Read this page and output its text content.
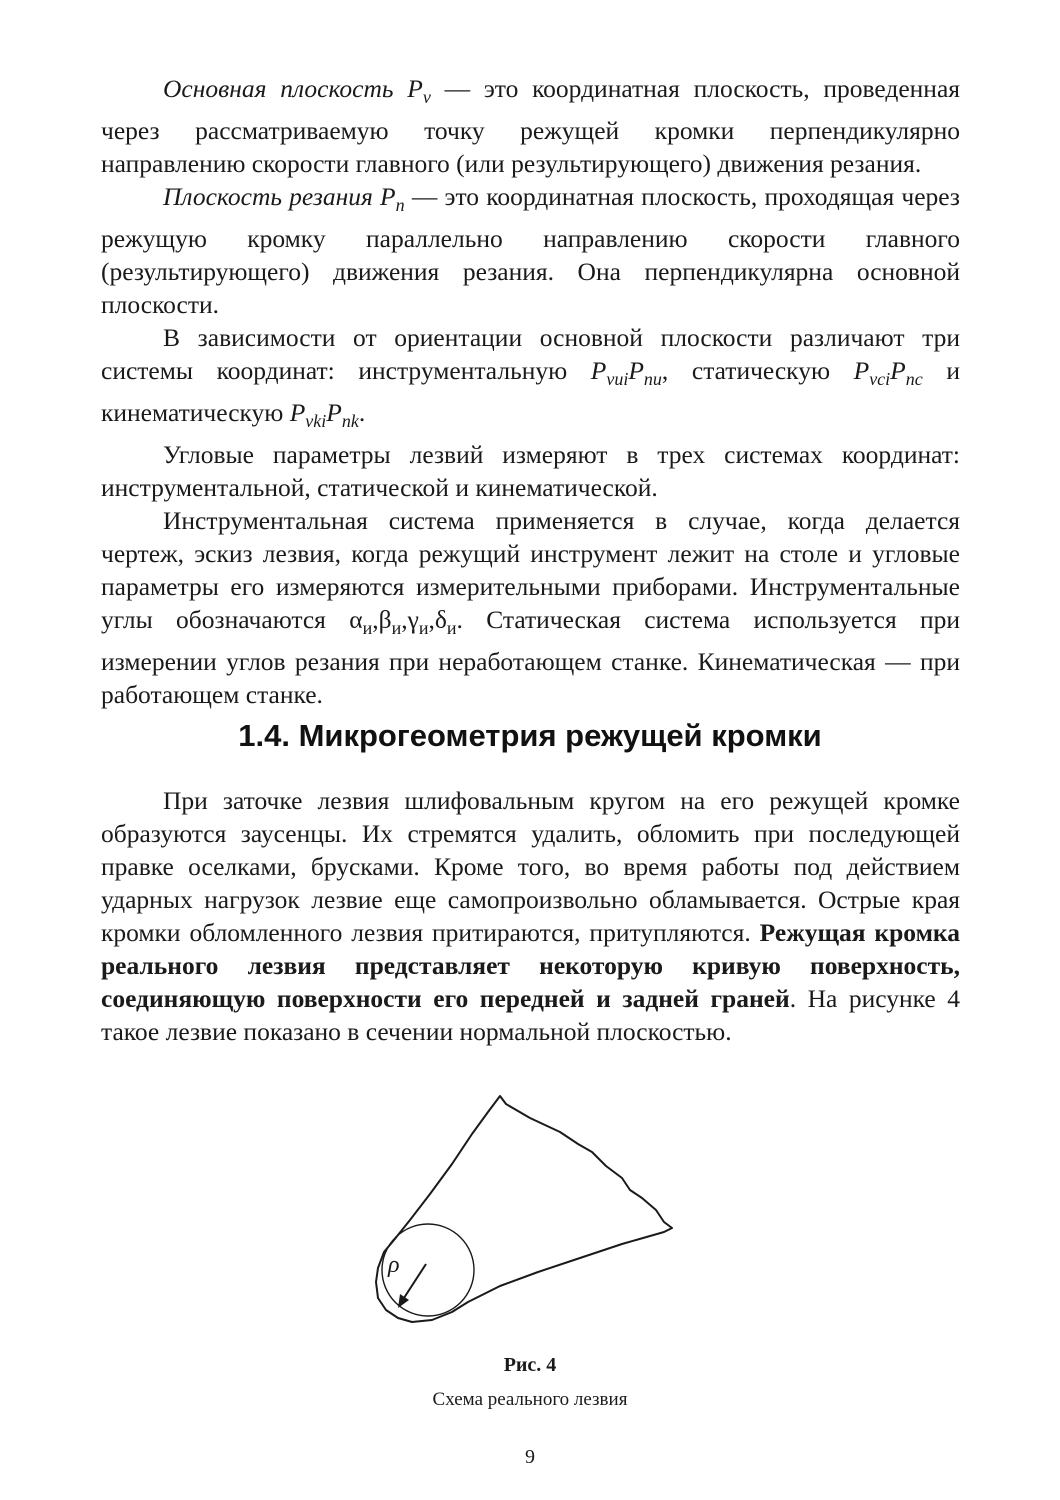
Основная плоскость $P_v$ — это координатная плоскость, проведенная через рассматриваемую точку режущей кромки перпендикулярно направлению скорости главного (или результирующего) движения резания.

Плоскость резания $P_n$ — это координатная плоскость, проходящая через режущую кромку параллельно направлению скорости главного (результирующего) движения резания. Она перпендикулярна основной плоскости.

В зависимости от ориентации основной плоскости различают три системы координат: инструментальную $P_{vui}P_{nu}$, статическую $P_{vci}P_{nc}$ и кинематическую $P_{vki}P_{nk}$.

Угловые параметры лезвий измеряют в трех системах координат: инструментальной, статической и кинематической.

Инструментальная система применяется в случае, когда делается чертеж, эскиз лезвия, когда режущий инструмент лежит на столе и угловые параметры его измеряются измерительными приборами. Инструментальные углы обозначаются $\alpha_и,\beta_и,\gamma_и,\delta_и$. Статическая система используется при измерении углов резания при неработающем станке. Кинематическая — при работающем станке.

1.4. Микрогеометрия режущей кромки

При заточке лезвия шлифовальным кругом на его режущей кромке образуются заусенцы. Их стремятся удалить, обломить при последующей правке оселками, брусками. Кроме того, во время работы под действием ударных нагрузок лезвие еще самопроизвольно обламывается. Острые края кромки обломленного лезвия притираются, притупляются. Режущая кромка реального лезвия представляет некоторую кривую поверхность, соединяющую поверхности его передней и задней граней. На рисунке 4 такое лезвие показано в сечении нормальной плоскостью.

ρ
Рис. 4
Схема реального лезвия
9
